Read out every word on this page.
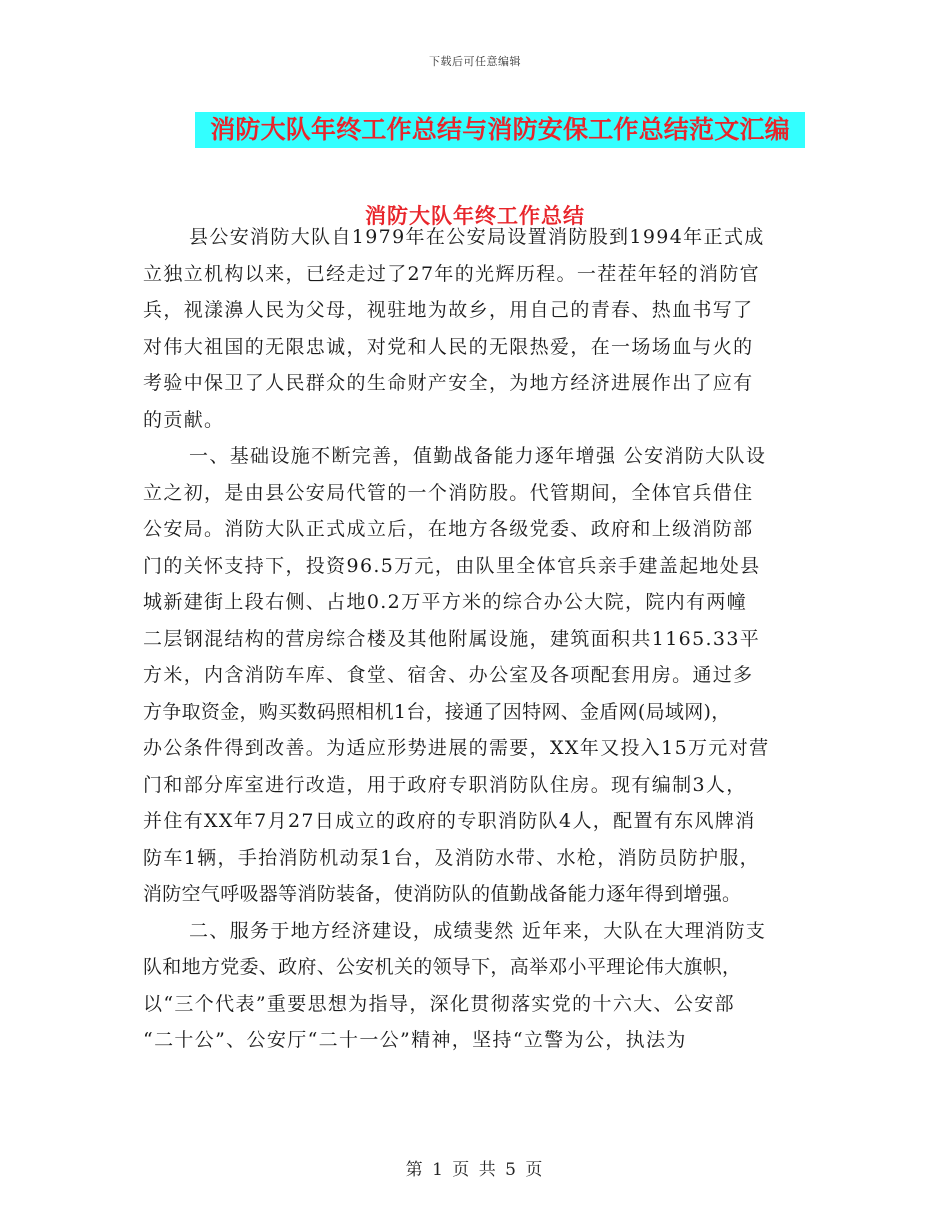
下载后可任意编辑
消防大队年终工作总结与消防安保工作总结范文汇编
消防大队年终工作总结
县公安消防大队自1979年在公安局设置消防股到1994年正式成
立独立机构以来，已经走过了27年的光辉历程。一茬茬年轻的消防官
兵，视漾濞人民为父母，视驻地为故乡，用自己的青春、热血书写了
对伟大祖国的无限忠诚，对党和人民的无限热爱，在一场场血与火的
考验中保卫了人民群众的生命财产安全，为地方经济进展作出了应有
的贡献。
一、基础设施不断完善，值勤战备能力逐年增强 公安消防大队设
立之初，是由县公安局代管的一个消防股。代管期间，全体官兵借住
公安局。消防大队正式成立后，在地方各级党委、政府和上级消防部
门的关怀支持下，投资96.5万元，由队里全体官兵亲手建盖起地处县
城新建街上段右侧、占地0.2万平方米的综合办公大院，院内有两幢
二层钢混结构的营房综合楼及其他附属设施，建筑面积共1165.33平
方米，内含消防车库、食堂、宿舍、办公室及各项配套用房。通过多
方争取资金，购买数码照相机1台，接通了因特网、金盾网(局域网)，
办公条件得到改善。为适应形势进展的需要，XX年又投入15万元对营
门和部分库室进行改造，用于政府专职消防队住房。现有编制3人，
并住有XX年7月27日成立的政府的专职消防队4人，配置有东风牌消
防车1辆，手抬消防机动泵1台，及消防水带、水枪，消防员防护服，
消防空气呼吸器等消防装备，使消防队的值勤战备能力逐年得到增强。
二、服务于地方经济建设，成绩斐然 近年来，大队在大理消防支
队和地方党委、政府、公安机关的领导下，高举邓小平理论伟大旗帜，
以“三个代表”重要思想为指导，深化贯彻落实党的十六大、公安部
“二十公”、公安厅“二十一公”精神，坚持“立警为公，执法为
第 1 页 共 5 页
